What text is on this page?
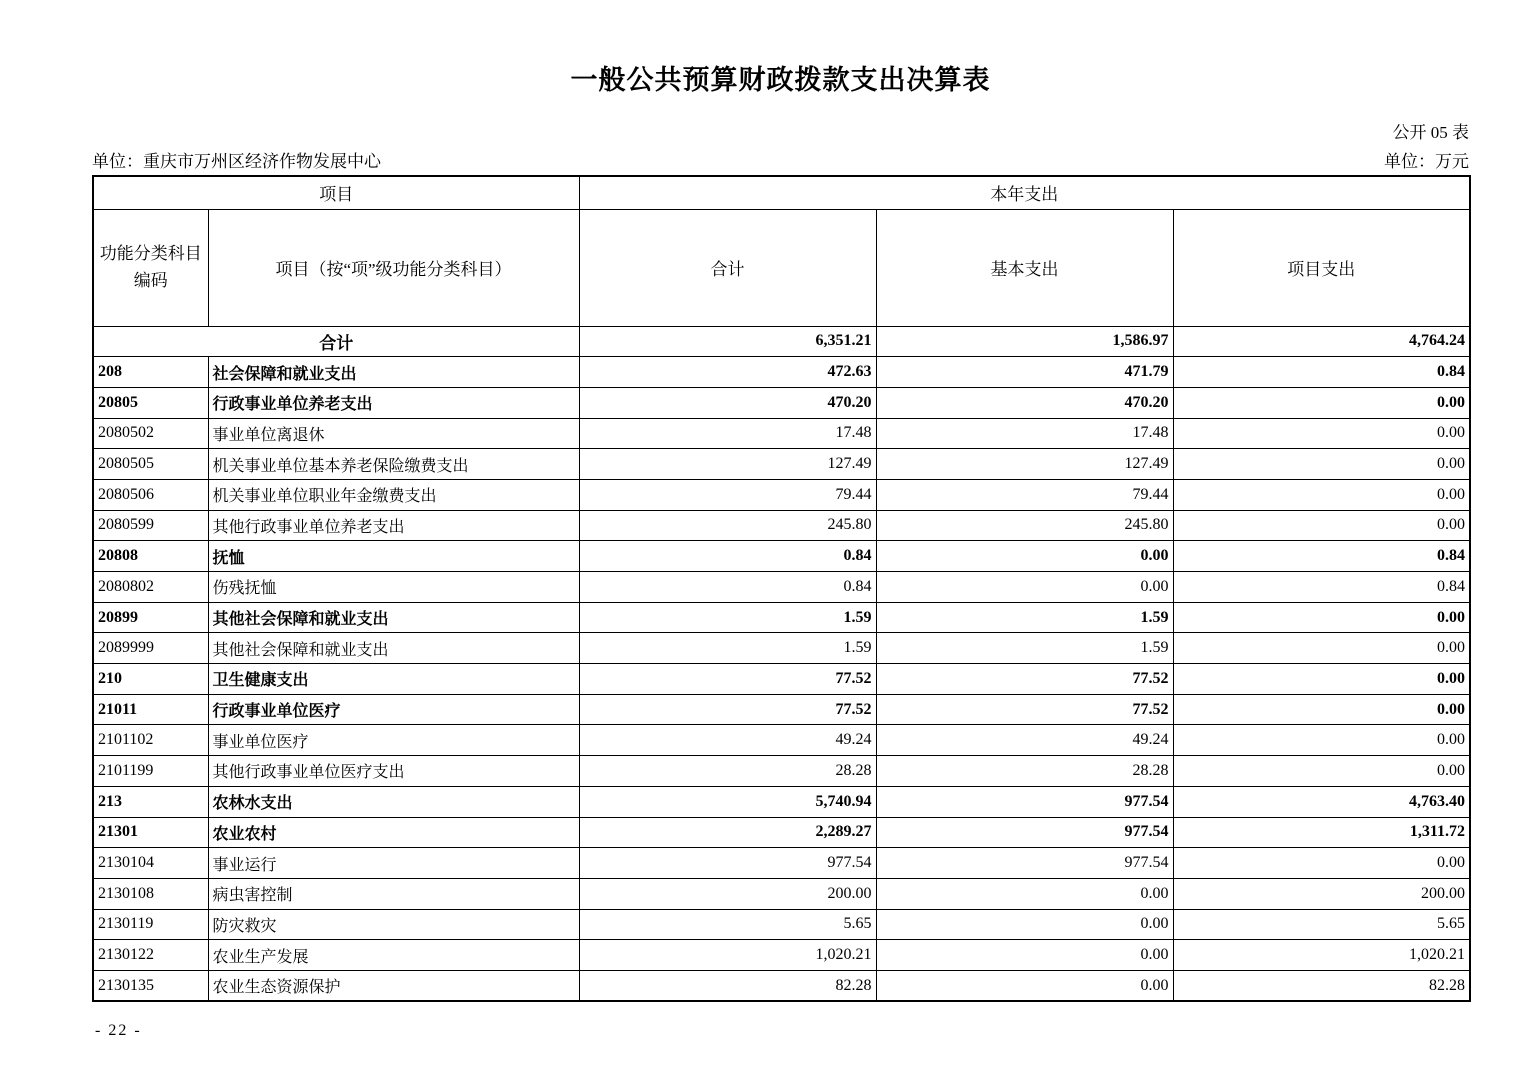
一般公共预算财政拨款支出决算表
公开 05 表
单位：重庆市万州区经济作物发展中心	单位：万元
项目		本年支出		

功能分类科目
编码	项目（按“项”级功能分类科目）	合计	基本支出	项目支出
合计		6,351.21	1,586.97	4,764.24
208	社会保障和就业支出	472.63	471.79	0.84
20805	行政事业单位养老支出	470.20	470.20	0.00
2080502	事业单位离退休	17.48	17.48	0.00
2080505	机关事业单位基本养老保险缴费支出	127.49	127.49	0.00
2080506	机关事业单位职业年金缴费支出	79.44	79.44	0.00
2080599	其他行政事业单位养老支出	245.80	245.80	0.00
20808	抚恤	0.84	0.00	0.84
2080802	伤残抚恤	0.84	0.00	0.84
20899	其他社会保障和就业支出	1.59	1.59	0.00
2089999	其他社会保障和就业支出	1.59	1.59	0.00
210	卫生健康支出	77.52	77.52	0.00
21011	行政事业单位医疗	77.52	77.52	0.00
2101102	事业单位医疗	49.24	49.24	0.00
2101199	其他行政事业单位医疗支出	28.28	28.28	0.00
213	农林水支出	5,740.94	977.54	4,763.40
21301	农业农村	2,289.27	977.54	1,311.72
2130104	事业运行	977.54	977.54	0.00
2130108	病虫害控制	200.00	0.00	200.00
2130119	防灾救灾	5.65	0.00	5.65
2130122	农业生产发展	1,020.21	0.00	1,020.21
2130135	农业生态资源保护	82.28	0.00	82.28
- 22 -
